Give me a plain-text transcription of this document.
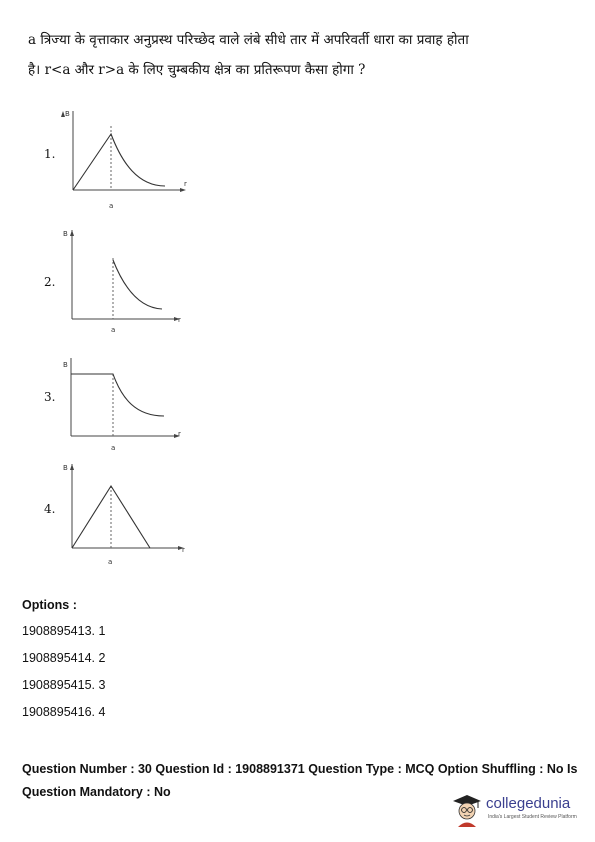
a त्रिज्या के वृत्ताकार अनुप्रस्थ परिच्छेद वाले लंबे सीधे तार में अपरिवर्ती धारा का प्रवाह होता
है। r<a और r>a के लिए चुम्बकीय क्षेत्र का प्रतिरूपण कैसा होगा ?
1.
B
r
a
2.
B
r
a
3.
B
r
a
4.
B
r
a
Options :
1908895413. 1
1908895414. 2
1908895415. 3
1908895416. 4
Question Number : 30 Question Id : 1908891371 Question Type : MCQ Option Shuffling : No Is
Question Mandatory : No
collegedunia
India's Largest Student Review Platform
